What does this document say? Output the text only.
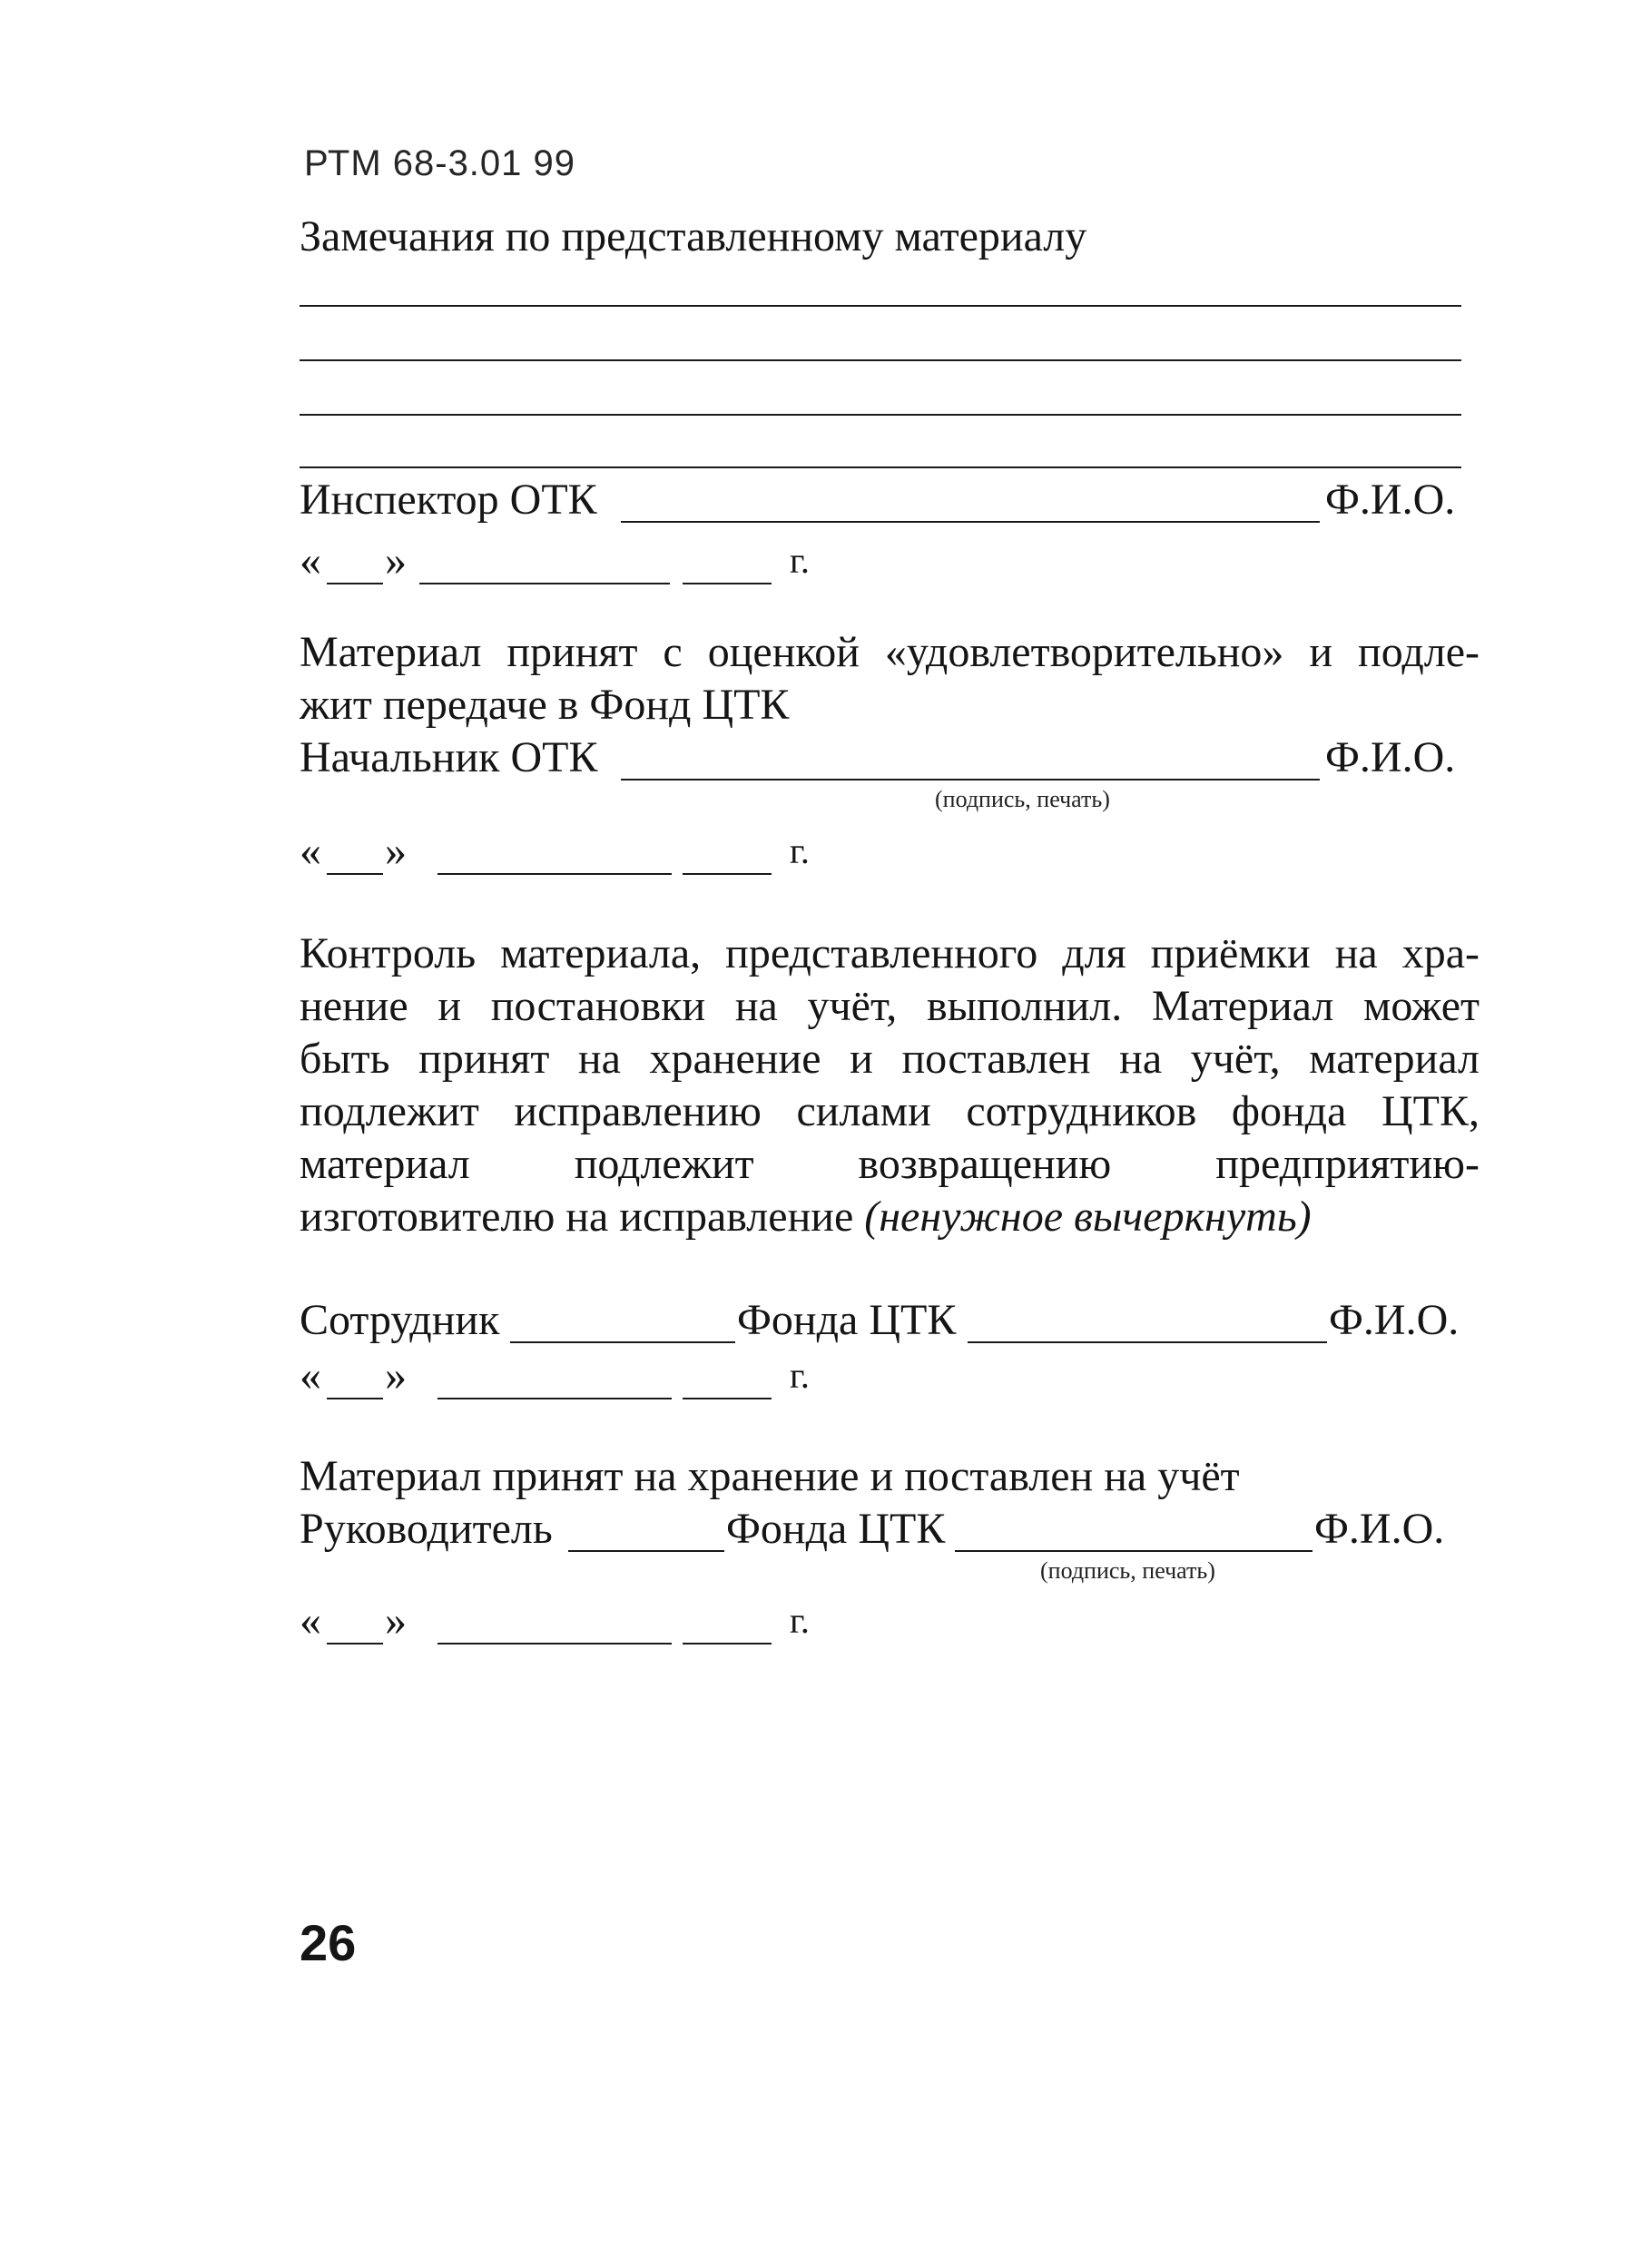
РТМ 68-3.01 99
Замечания по представленному материалу
Инспектор ОТК	Ф.И.О.
« »	г.
Материал принят с оценкой «удовлетворительно» и подле-
жит передаче в Фонд ЦТК
Начальник ОТК	Ф.И.О.
(подпись, печать)
« »	г.
Контроль материала, представленного для приёмки на хра-
нение и постановки на учёт, выполнил. Материал может
быть принят на хранение и поставлен на учёт, материал
подлежит исправлению силами сотрудников фонда ЦТК,
материал подлежит возвращению предприятию-
изготовителю на исправление (ненужное вычеркнуть)
Сотрудник	Фонда ЦТК	Ф.И.О.
« »	г.
Материал принят на хранение и поставлен на учёт
Руководитель	Фонда ЦТК	Ф.И.О.
(подпись, печать)
« »	г.
26
